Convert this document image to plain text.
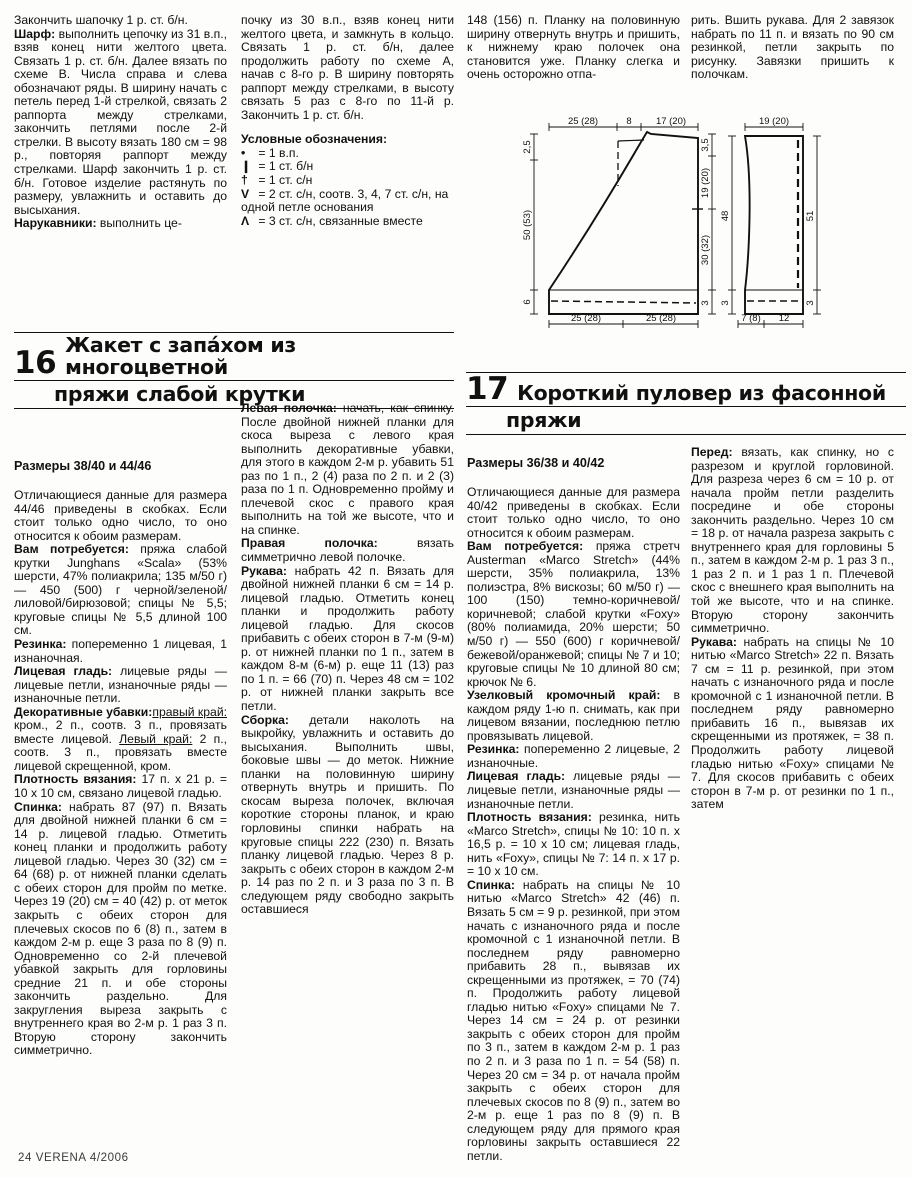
Закончить шапочку 1 р. ст. б/н.

Шарф: выполнить цепочку из 31 в.п., взяв конец нити желтого цвета. Связать 1 р. ст. б/н. Далее вязать по схеме B. Числа справа и слева обозначают ряды. В ширину начать с петель перед 1-й стрелкой, связать 2 раппорта между стрелками, закончить петлями после 2-й стрелки. В высоту вязать 180 см = 98 р., повторяя раппорт между стрелками. Шарф закончить 1 р. ст. б/н. Готовое изделие растянуть по размеру, увлажнить и оставить до высыхания.

Нарукавники: выполнить це-

почку из 30 в.п., взяв конец нити желтого цвета, и замкнуть в кольцо. Связать 1 р. ст. б/н, далее продолжить работу по схеме A, начав с 8-го р. В ширину повторять раппорт между стрелками, в высоту связать 5 раз с 8-го по 11-й р. Закончить 1 р. ст. б/н.

Условные обозначения:

• = 1 в.п.

❙ = 1 ст. б/н

† = 1 ст. с/н

V = 2 ст. с/н, соотв. 3, 4, 7 ст. с/н, на одной петле основания

Λ = 3 ст. с/н, связанные вместе

148 (156) п. Планку на половинную ширину отвернуть внутрь и пришить, к нижнему краю полочек она становится уже. Планку слегка и очень осторожно отпа-

рить. Вшить рукава. Для 2 завязок набрать по 11 п. и вязать по 90 см резинкой, петли закрыть по рисунку. Завязки пришить к полочкам.

25 (28)	8	17 (20)
2,5
50 (53)
6
3,5
19 (20)
30 (32)
3
25 (28)	25 (28)
19 (20)
48
3
51
3
7 (8) 12
16 Жакет с запа́хом из многоцветной
пряжи слабой крутки
Размеры 38/40 и 44/46

Отличающиеся данные для размера 44/46 приведены в скобках. Если стоит только одно число, то оно относится к обоим размерам.

Вам потребуется: пряжа слабой крутки Junghans «Scala» (53% шерсти, 47% полиакрила; 135 м/50 г) — 450 (500) г черной/зеленой/лиловой/бирюзовой; спицы № 5,5; круговые спицы № 5,5 длиной 100 см.

Резинка: попеременно 1 лицевая, 1 изнаночная.

Лицевая гладь: лицевые ряды — лицевые петли, изнаночные ряды — изнаночные петли.

Декоративные убавки:правый край: кром., 2 п., соотв. 3 п., провязать вместе лицевой. Левый край: 2 п., соотв. 3 п., провязать вместе лицевой скрещенной, кром.

Плотность вязания: 17 п. х 21 р. = 10 x 10 см, связано лицевой гладью.

Спинка: набрать 87 (97) п. Вязать для двойной нижней планки 6 см = 14 р. лицевой гладью. Отметить конец планки и продолжить работу лицевой гладью. Через 30 (32) см = 64 (68) р. от нижней планки сделать с обеих сторон для пройм по метке. Через 19 (20) см = 40 (42) р. от меток закрыть с обеих сторон для плечевых скосов по 6 (8) п., затем в каждом 2-м р. еще 3 раза по 8 (9) п. Одновременно со 2-й плечевой убавкой закрыть для горловины средние 21 п. и обе стороны закончить раздельно. Для закругления выреза закрыть с внутреннего края во 2-м р. 1 раз 3 п. Вторую сторону закончить симметрично.

Левая полочка: начать, как спинку. После двойной нижней планки для скоса выреза с левого края выполнить декоративные убавки, для этого в каждом 2-м р. убавить 51 раз по 1 п., 2 (4) раза по 2 п. и 2 (3) раза по 1 п. Одновременно пройму и плечевой скос с правого края выполнить на той же высоте, что и на спинке.

Правая полочка: вязать симметрично левой полочке.

Рукава: набрать 42 п. Вязать для двойной нижней планки 6 см = 14 р. лицевой гладью. Отметить конец планки и продолжить работу лицевой гладью. Для скосов прибавить с обеих сторон в 7-м (9-м) р. от нижней планки по 1 п., затем в каждом 8-м (6-м) р. еще 11 (13) раз по 1 п. = 66 (70) п. Через 48 см = 102 р. от нижней планки закрыть все петли.

Сборка: детали наколоть на выкройку, увлажнить и оставить до высыхания. Выполнить швы, боковые швы — до меток. Нижние планки на половинную ширину отвернуть внутрь и пришить. По скосам выреза полочек, включая короткие стороны планок, и краю горловины спинки набрать на круговые спицы 222 (230) п. Вязать планку лицевой гладью. Через 8 р. закрыть с обеих сторон в каждом 2-м р. 14 раз по 2 п. и 3 раза по 3 п. В следующем ряду свободно закрыть оставшиеся

17 Короткий пуловер из фасонной
пряжи
Размеры 36/38 и 40/42

Отличающиеся данные для размера 40/42 приведены в скобках. Если стоит только одно число, то оно относится к обоим размерам.

Вам потребуется: пряжа стретч Austerman «Marco Stretch» (44% шерсти, 35% полиакрила, 13% полиэстра, 8% вискозы; 60 м/50 г) — 100 (150) темно-коричневой/коричневой; слабой крутки «Foxy» (80% полиамида, 20% шерсти; 50 м/50 г) — 550 (600) г коричневой/бежевой/оранжевой; спицы № 7 и 10; круговые спицы № 10 длиной 80 см; крючок № 6.

Узелковый кромочный край: в каждом ряду 1-ю п. снимать, как при лицевом вязании, последнюю петлю провязывать лицевой.

Резинка: попеременно 2 лицевые, 2 изнаночные.

Лицевая гладь: лицевые ряды — лицевые петли, изнаночные ряды — изнаночные петли.

Плотность вязания: резинка, нить «Marco Stretch», спицы № 10: 10 п. х 16,5 р. = 10 x 10 см; лицевая гладь, нить «Foxy», спицы № 7: 14 п. х 17 р. = 10 x 10 см.

Спинка: набрать на спицы № 10 нитью «Marco Stretch» 42 (46) п. Вязать 5 см = 9 р. резинкой, при этом начать с изнаночного ряда и после кромочной с 1 изнаночной петли. В последнем ряду равномерно прибавить 28 п., вывязав их скрещенными из протяжек, = 70 (74) п. Продолжить работу лицевой гладью нитью «Foxy» спицами № 7. Через 14 см = 24 р. от резинки закрыть с обеих сторон для пройм по 3 п., затем в каждом 2-м р. 1 раз по 2 п. и 3 раза по 1 п. = 54 (58) п. Через 20 см = 34 р. от начала пройм закрыть с обеих сторон для плечевых скосов по 8 (9) п., затем во 2-м р. еще 1 раз по 8 (9) п. В следующем ряду для прямого края горловины закрыть оставшиеся 22 петли.

Перед: вязать, как спинку, но с разрезом и круглой горловиной. Для разреза через 6 см = 10 р. от начала пройм петли разделить посредине и обе стороны закончить раздельно. Через 10 см = 18 р. от начала разреза закрыть с внутреннего края для горловины 5 п., затем в каждом 2-м р. 1 раз 3 п., 1 раз 2 п. и 1 раз 1 п. Плечевой скос с внешнего края выполнить на той же высоте, что и на спинке. Вторую сторону закончить симметрично.

Рукава: набрать на спицы № 10 нитью «Marco Stretch» 22 п. Вязать 7 см = 11 р. резинкой, при этом начать с изнаночного ряда и после кромочной с 1 изнаночной петли. В последнем ряду равномерно прибавить 16 п., вывязав их скрещенными из протяжек, = 38 п. Продолжить работу лицевой гладью нитью «Foxy» спицами № 7. Для скосов прибавить с обеих сторон в 7-м р. от резинки по 1 п., затем

24 VERENA 4/2006
